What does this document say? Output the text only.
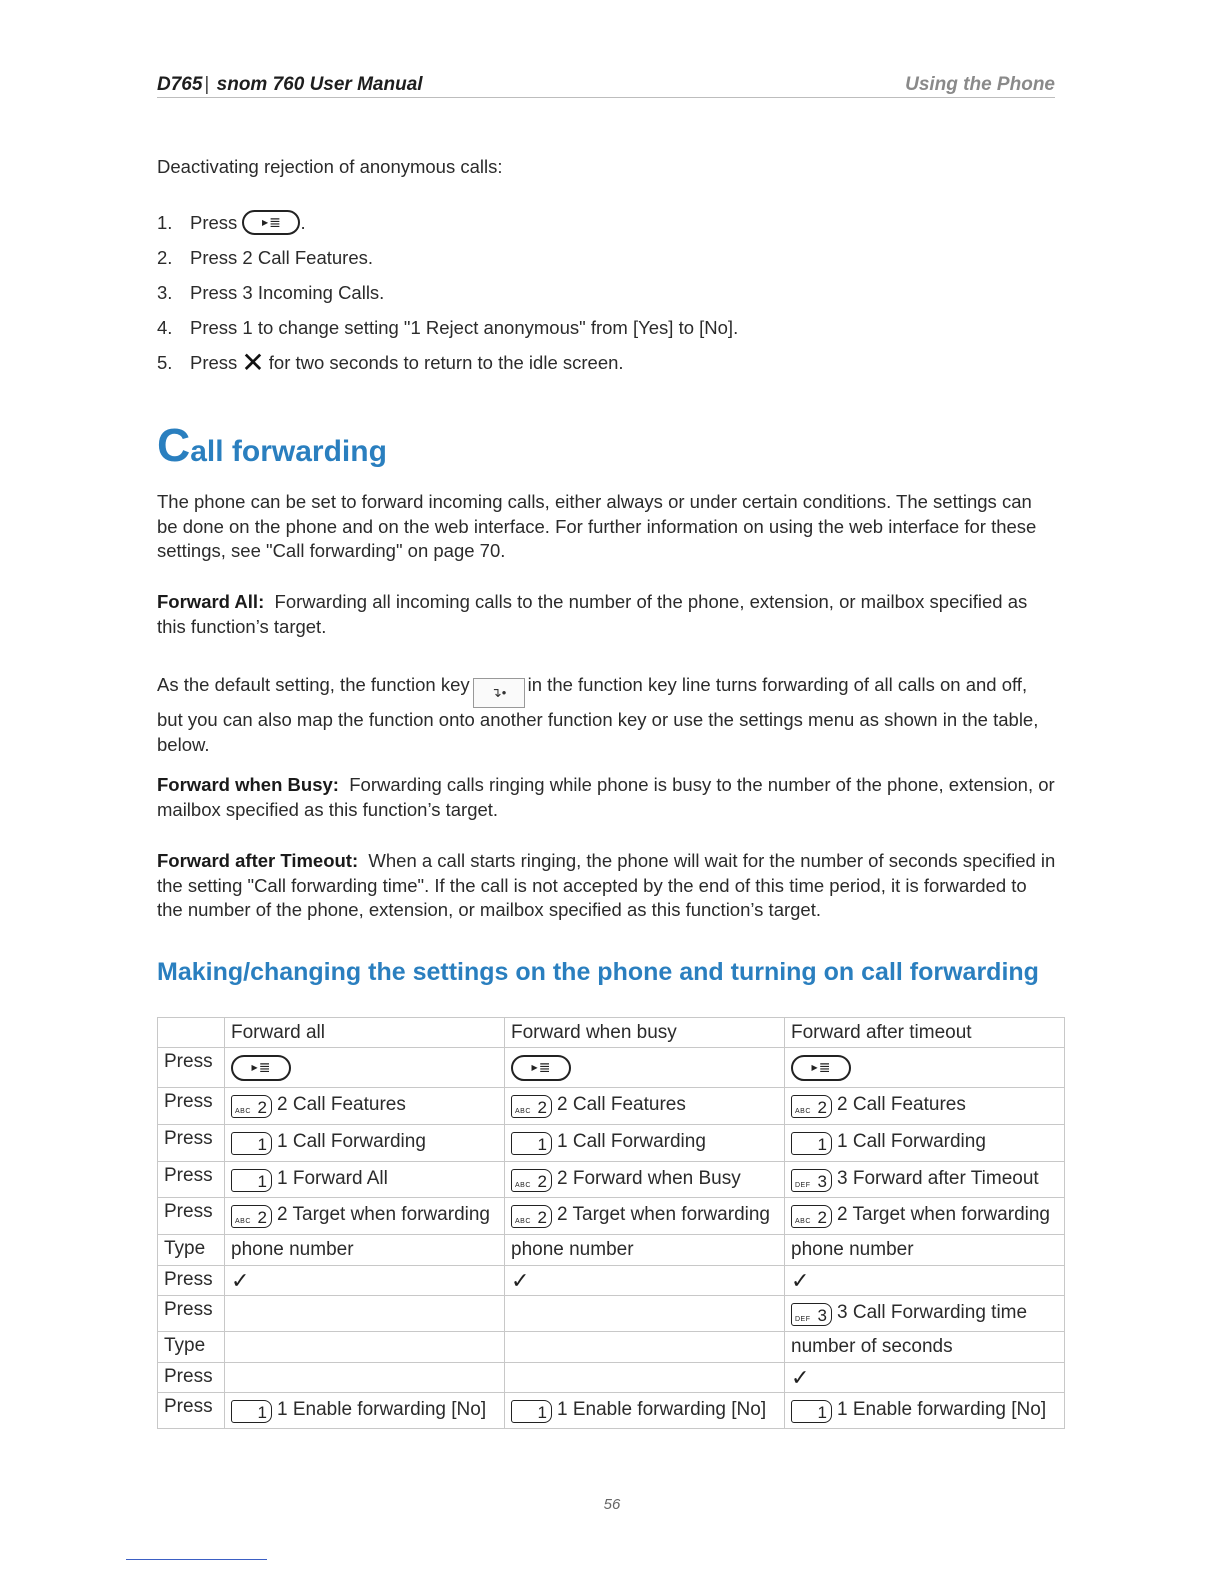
D765 | snom 760 User Manual	Using the Phone
Deactivating rejection of anonymous calls:
1. Press
	▶ ≣	.
2. Press 2 Call Features.
3. Press 3 Incoming Calls.
4. Press 1 to change setting "1 Reject anonymous" from [Yes] to [No].
5. Press ✕ for two seconds to return to the idle screen.
Call forwarding
The phone can be set to forward incoming calls, either always or under certain conditions. The settings can be done on the phone and on the web interface. For further information on using the web interface for these settings, see "Call forwarding" on page 70.
Forward All: Forwarding all incoming calls to the number of the phone, extension, or mailbox specified as this function’s target.
As the default setting, the function key ↴• in the function key line turns forwarding of all calls on and off, but you can also map the function onto another function key or use the settings menu as shown in the table, below.
Forward when Busy: Forwarding calls ringing while phone is busy to the number of the phone, extension, or mailbox specified as this function’s target.
Forward after Timeout: When a call starts ringing, the phone will wait for the number of seconds specified in the setting "Call forwarding time". If the call is not accepted by the end of this time period, it is forwarded to the number of the phone, extension, or mailbox specified as this function’s target.
Making/changing the settings on the phone and turning on call forwarding
	Forward all	Forward when busy	Forward after timeout
Press	▶ ≣	▶ ≣	▶ ≣
Press	ABC 2 2 Call Features	ABC 2 2 Call Features	ABC 2 2 Call Features
Press	1 1 Call Forwarding	1 1 Call Forwarding	1 1 Call Forwarding
Press	1 1 Forward All	ABC 2 2 Forward when Busy	DEF 3 3 Forward after Timeout
Press	ABC 2 2 Target when forwarding	ABC 2 2 Target when forwarding	ABC 2 2 Target when forwarding
Type	phone number	phone number	phone number
Press	✓	✓	✓
Press			DEF 3 3 Call Forwarding time
Type			number of seconds
Press			✓
Press	1 1 Enable forwarding [No]	1 1 Enable forwarding [No]	1 1 Enable forwarding [No]
56
